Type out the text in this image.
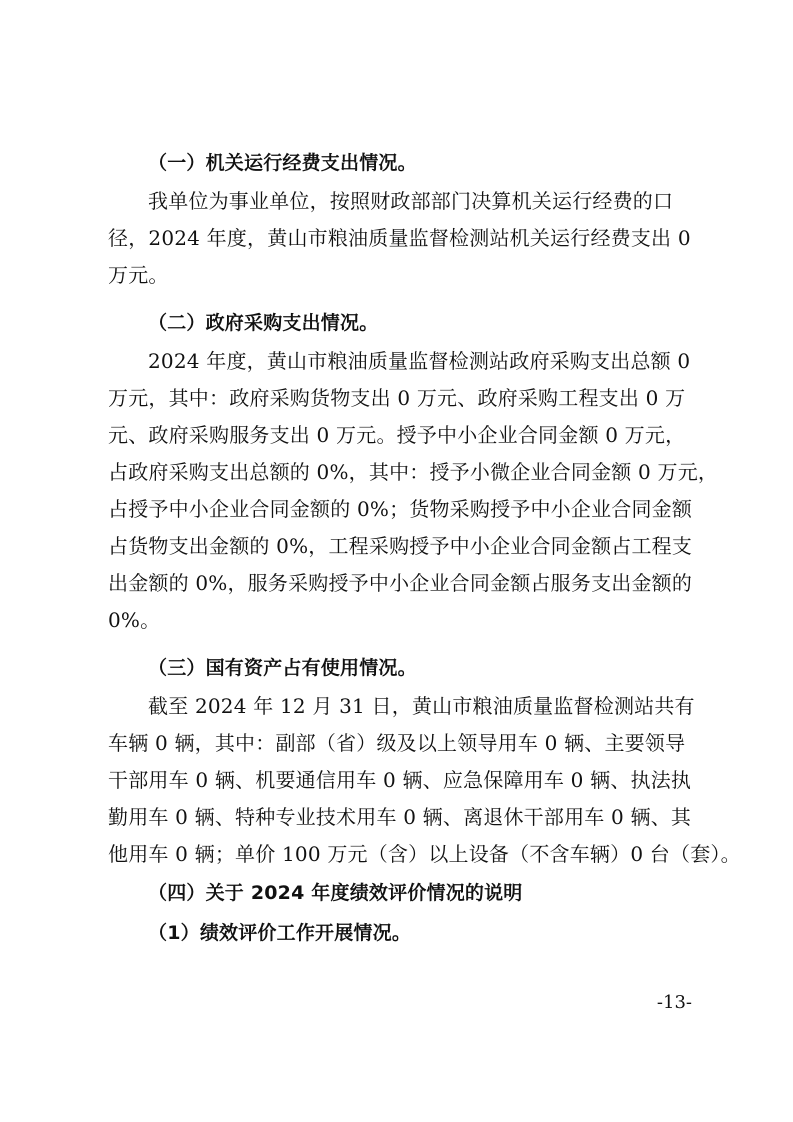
（一）机关运行经费支出情况。
我单位为事业单位，按照财政部部门决算机关运行经费的口
径，2024 年度，黄山市粮油质量监督检测站机关运行经费支出 0
万元。
（二）政府采购支出情况。
2024 年度，黄山市粮油质量监督检测站政府采购支出总额 0
万元，其中：政府采购货物支出 0 万元、政府采购工程支出 0 万
元、政府采购服务支出 0 万元。授予中小企业合同金额 0 万元，
占政府采购支出总额的 0%，其中：授予小微企业合同金额 0 万元，
占授予中小企业合同金额的 0%；货物采购授予中小企业合同金额
占货物支出金额的 0%，工程采购授予中小企业合同金额占工程支
出金额的 0%，服务采购授予中小企业合同金额占服务支出金额的
0%。
（三）国有资产占有使用情况。
截至 2024 年 12 月 31 日，黄山市粮油质量监督检测站共有
车辆 0 辆，其中：副部（省）级及以上领导用车 0 辆、主要领导
干部用车 0 辆、机要通信用车 0 辆、应急保障用车 0 辆、执法执
勤用车 0 辆、特种专业技术用车 0 辆、离退休干部用车 0 辆、其
他用车 0 辆；单价 100 万元（含）以上设备（不含车辆）0 台（套）。
（四）关于 2024 年度绩效评价情况的说明
（1）绩效评价工作开展情况。
-13-
